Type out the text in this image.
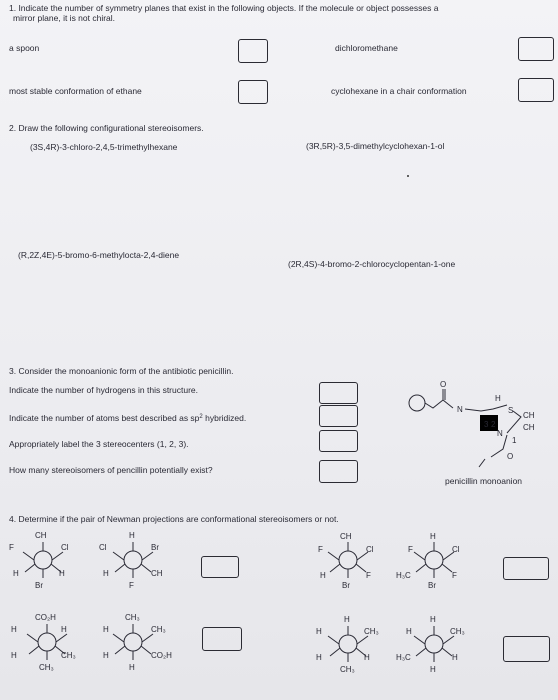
1. Indicate the number of symmetry planes that exist in the following objects. If the molecule or object possesses a
mirror plane, it is not chiral.
a spoon	dichloromethane
most stable conformation of ethane	cyclohexane in a chair conformation
2. Draw the following configurational stereoisomers.
(3S,4R)-3-chloro-2,4,5-trimethylhexane	(3R,5R)-3,5-dimethylcyclohexan-1-ol
(R,2Z,4E)-5-bromo-6-methylocta-2,4-diene
(2R,4S)-4-bromo-2-chlorocyclopentan-1-one
3. Consider the monoanionic form of the antibiotic penicillin.
Indicate the number of hydrogens in this structure.
Indicate the number of atoms best described as $sp^2$ hybridized.
Appropriately label the 3 stereocenters (1, 2, 3).
How many stereoisomers of pencillin potentially exist?
O
N
H
S
3 2
N
CH
CH
1
O
penicillin monoanion
4. Determine if the pair of Newman projections are conformational stereoisomers or not.
CH
F	Cl
H	H
Br
H
Cl	Br
H	CH
F
CH
F	Cl
H	F
Br
H
F	Cl
H₃C	F
Br
CO₂H
H	H
H	CH₃
CH₃
CH₃
H	CH₃
H	CO₂H
H
H
H	CH₃
H	H
CH₃
H
H	CH₃
H₃C	H
H
